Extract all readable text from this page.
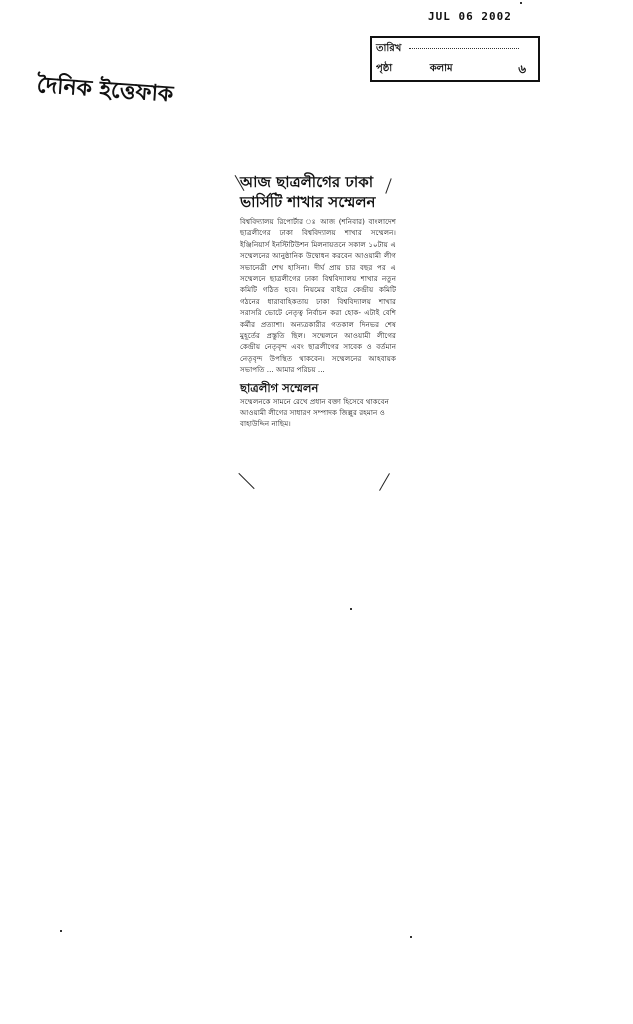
JUL 06 2002
তারিখ
পৃষ্ঠা	কলাম	৬
দৈনিক ইত্তেফাক
আজ ছাত্রলীগের ঢাকা ভার্সিটি শাখার সম্মেলন
বিশ্ববিদ্যালয় রিপোর্টার ঃ আজ (শনিবার) বাংলাদেশ ছাত্রলীগের ঢাকা বিশ্ববিদ্যালয় শাখার সম্মেলন। ইঞ্জিনিয়ার্স ইনস্টিটিউশন মিলনায়তনে সকাল ১০টায় এ সম্মেলনের আনুষ্ঠানিক উদ্বোধন করবেন আওয়ামী লীগ সভানেত্রী শেখ হাসিনা। দীর্ঘ প্রায় চার বছর পর এ সম্মেলনে ছাত্রলীগের ঢাকা বিশ্ববিদ্যালয় শাখার নতুন কমিটি গঠিত হবে। নিয়মের বাইরে কেন্দ্রীয় কমিটি গঠনের ধারাবাহিকতায় ঢাকা বিশ্ববিদ্যালয় শাখার সরাসরি ভোটে নেতৃত্ব নির্বাচন করা হোক- এটাই বেশি কর্মীর প্রত্যাশা। অন্যত্রকারীর গতকাল দিনভর শেষ মুহূর্তের প্রস্তুতি ছিল। সম্মেলনে আওয়ামী লীগের কেন্দ্রীয় নেতৃবৃন্দ এবং ছাত্রলীগের সাবেক ও বর্তমান নেতৃবৃন্দ উপস্থিত থাকবেন। সম্মেলনের আহবায়ক সভাপতি ... আমার পরিচয় ...
ছাত্রলীগ সম্মেলন
সম্মেলনকে সামনে রেখে প্রধান বক্তা হিসেবে থাকবেন আওয়ামী লীগের সাধারণ সম্পাদক জিল্লুর রহমান ও বাহাউদ্দিন নাছিম।
